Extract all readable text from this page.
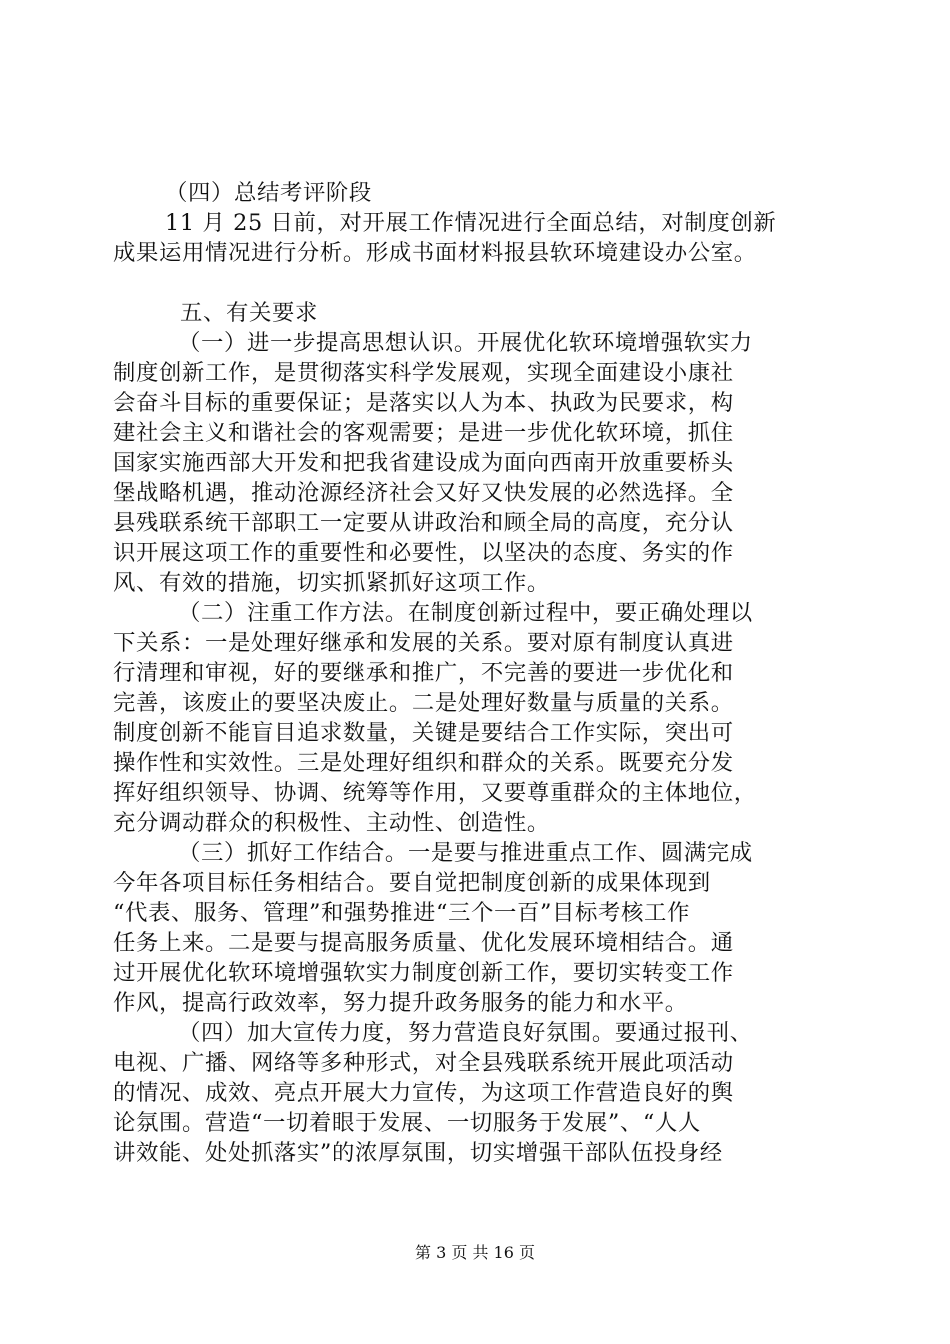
（四）总结考评阶段
11 月 25 日前，对开展工作情况进行全面总结，对制度创新
成果运用情况进行分析。形成书面材料报县软环境建设办公室。
五、有关要求
（一）进一步提高思想认识。开展优化软环境增强软实力
制度创新工作，是贯彻落实科学发展观，实现全面建设小康社
会奋斗目标的重要保证；是落实以人为本、执政为民要求，构
建社会主义和谐社会的客观需要；是进一步优化软环境，抓住
国家实施西部大开发和把我省建设成为面向西南开放重要桥头
堡战略机遇，推动沧源经济社会又好又快发展的必然选择。全
县残联系统干部职工一定要从讲政治和顾全局的高度，充分认
识开展这项工作的重要性和必要性，以坚决的态度、务实的作
风、有效的措施，切实抓紧抓好这项工作。
（二）注重工作方法。在制度创新过程中，要正确处理以
下关系：一是处理好继承和发展的关系。要对原有制度认真进
行清理和审视，好的要继承和推广，不完善的要进一步优化和
完善，该废止的要坚决废止。二是处理好数量与质量的关系。
制度创新不能盲目追求数量，关键是要结合工作实际，突出可
操作性和实效性。三是处理好组织和群众的关系。既要充分发
挥好组织领导、协调、统筹等作用，又要尊重群众的主体地位，
充分调动群众的积极性、主动性、创造性。
（三）抓好工作结合。一是要与推进重点工作、圆满完成
今年各项目标任务相结合。要自觉把制度创新的成果体现到
“代表、服务、管理”和强势推进“三个一百”目标考核工作
任务上来。二是要与提高服务质量、优化发展环境相结合。通
过开展优化软环境增强软实力制度创新工作，要切实转变工作
作风，提高行政效率，努力提升政务服务的能力和水平。
（四）加大宣传力度，努力营造良好氛围。要通过报刊、
电视、广播、网络等多种形式，对全县残联系统开展此项活动
的情况、成效、亮点开展大力宣传，为这项工作营造良好的舆
论氛围。营造“一切着眼于发展、一切服务于发展”、“人人
讲效能、处处抓落实”的浓厚氛围，切实增强干部队伍投身经
第 3 页 共 16 页
